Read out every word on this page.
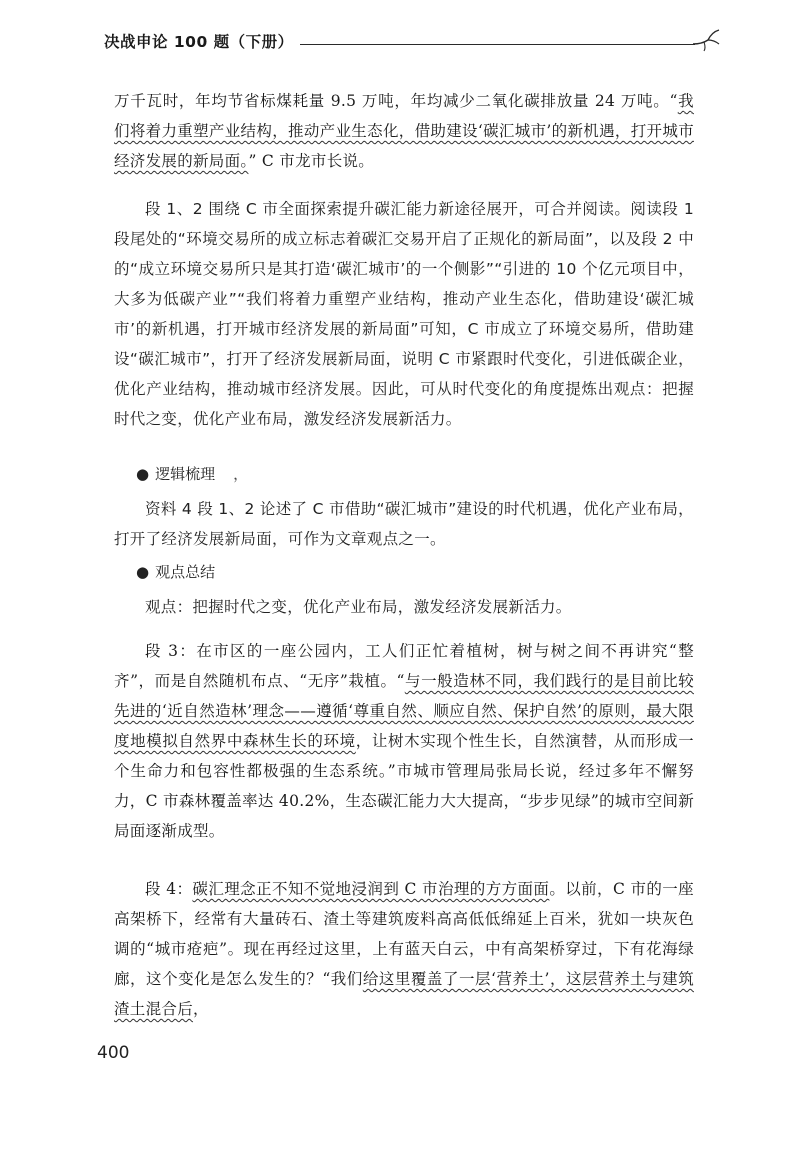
决战申论 100 题（下册）

万千瓦时，年均节省标煤耗量 9.5 万吨，年均减少二氧化碳排放量 24 万吨。“我们将着力重塑产业结构，推动产业生态化，借助建设‘碳汇城市’的新机遇，打开城市经济发展的新局面。” C 市龙市长说。

段 1、2 围绕 C 市全面探索提升碳汇能力新途径展开，可合并阅读。阅读段 1 段尾处的“环境交易所的成立标志着碳汇交易开启了正规化的新局面”，以及段 2 中的“成立环境交易所只是其打造‘碳汇城市’的一个侧影”“引进的 10 个亿元项目中，大多为低碳产业”“我们将着力重塑产业结构，推动产业生态化，借助建设‘碳汇城市’的新机遇，打开城市经济发展的新局面”可知，C 市成立了环境交易所，借助建设“碳汇城市”，打开了经济发展新局面，说明 C 市紧跟时代变化，引进低碳企业，优化产业结构，推动城市经济发展。因此，可从时代变化的角度提炼出观点：把握时代之变，优化产业布局，激发经济发展新活力。

● 逻辑梳理 ，

资料 4 段 1、2 论述了 C 市借助“碳汇城市”建设的时代机遇，优化产业布局，打开了经济发展新局面，可作为文章观点之一。

● 观点总结

观点：把握时代之变，优化产业布局，激发经济发展新活力。

段 3：在市区的一座公园内，工人们正忙着植树，树与树之间不再讲究“整齐”，而是自然随机布点、“无序”栽植。“与一般造林不同，我们践行的是目前比较先进的‘近自然造林’理念——遵循‘尊重自然、顺应自然、保护自然’的原则，最大限度地模拟自然界中森林生长的环境，让树木实现个性生长，自然演替，从而形成一个生命力和包容性都极强的生态系统。”市城市管理局张局长说，经过多年不懈努力，C 市森林覆盖率达 40.2%，生态碳汇能力大大提高，“步步见绿”的城市空间新局面逐渐成型。

段 4：碳汇理念正不知不觉地浸润到 C 市治理的方方面面。以前，C 市的一座高架桥下，经常有大量砖石、渣土等建筑废料高高低低绵延上百米，犹如一块灰色调的“城市疮疤”。现在再经过这里，上有蓝天白云，中有高架桥穿过，下有花海绿廊，这个变化是怎么发生的？“我们给这里覆盖了一层‘营养土’，这层营养土与建筑渣土混合后，

400
